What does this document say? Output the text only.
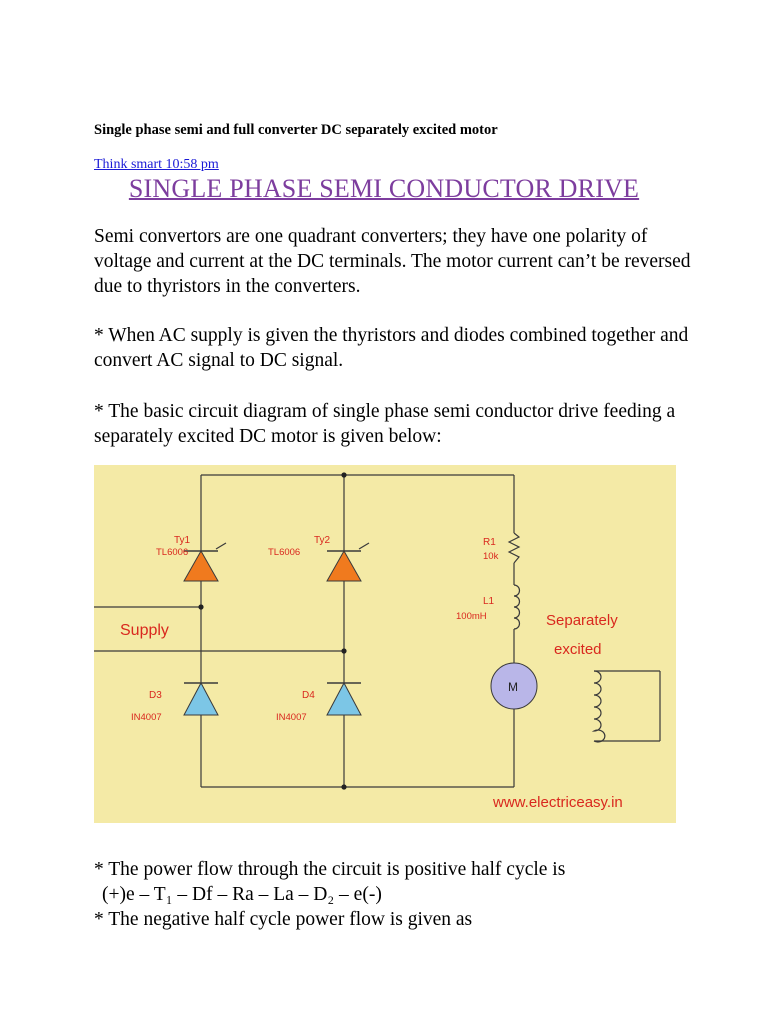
Single phase semi and full converter DC separately excited motor
Think smart 10:58 pm
SINGLE PHASE SEMI CONDUCTOR DRIVE

Semi convertors are one quadrant converters; they have one polarity of voltage and current at the DC terminals. The motor current can’t be reversed due to thyristors in the converters.

* When AC supply is given the thyristors and diodes combined together and convert AC signal to DC signal.

* The basic circuit diagram of single phase semi conductor drive feeding a separately excited DC motor is given below:

Ty1
TL6006
Ty2
TL6006
D3
IN4007
D4
IN4007
R1
10k
L1
100mH
Supply
Separately
excited
www.electriceasy.in
M

* The power flow through the circuit is positive half cycle is
(+)e – T₁ – Df – Ra – La – D₂ – e(-)

* The negative half cycle power flow is given as
